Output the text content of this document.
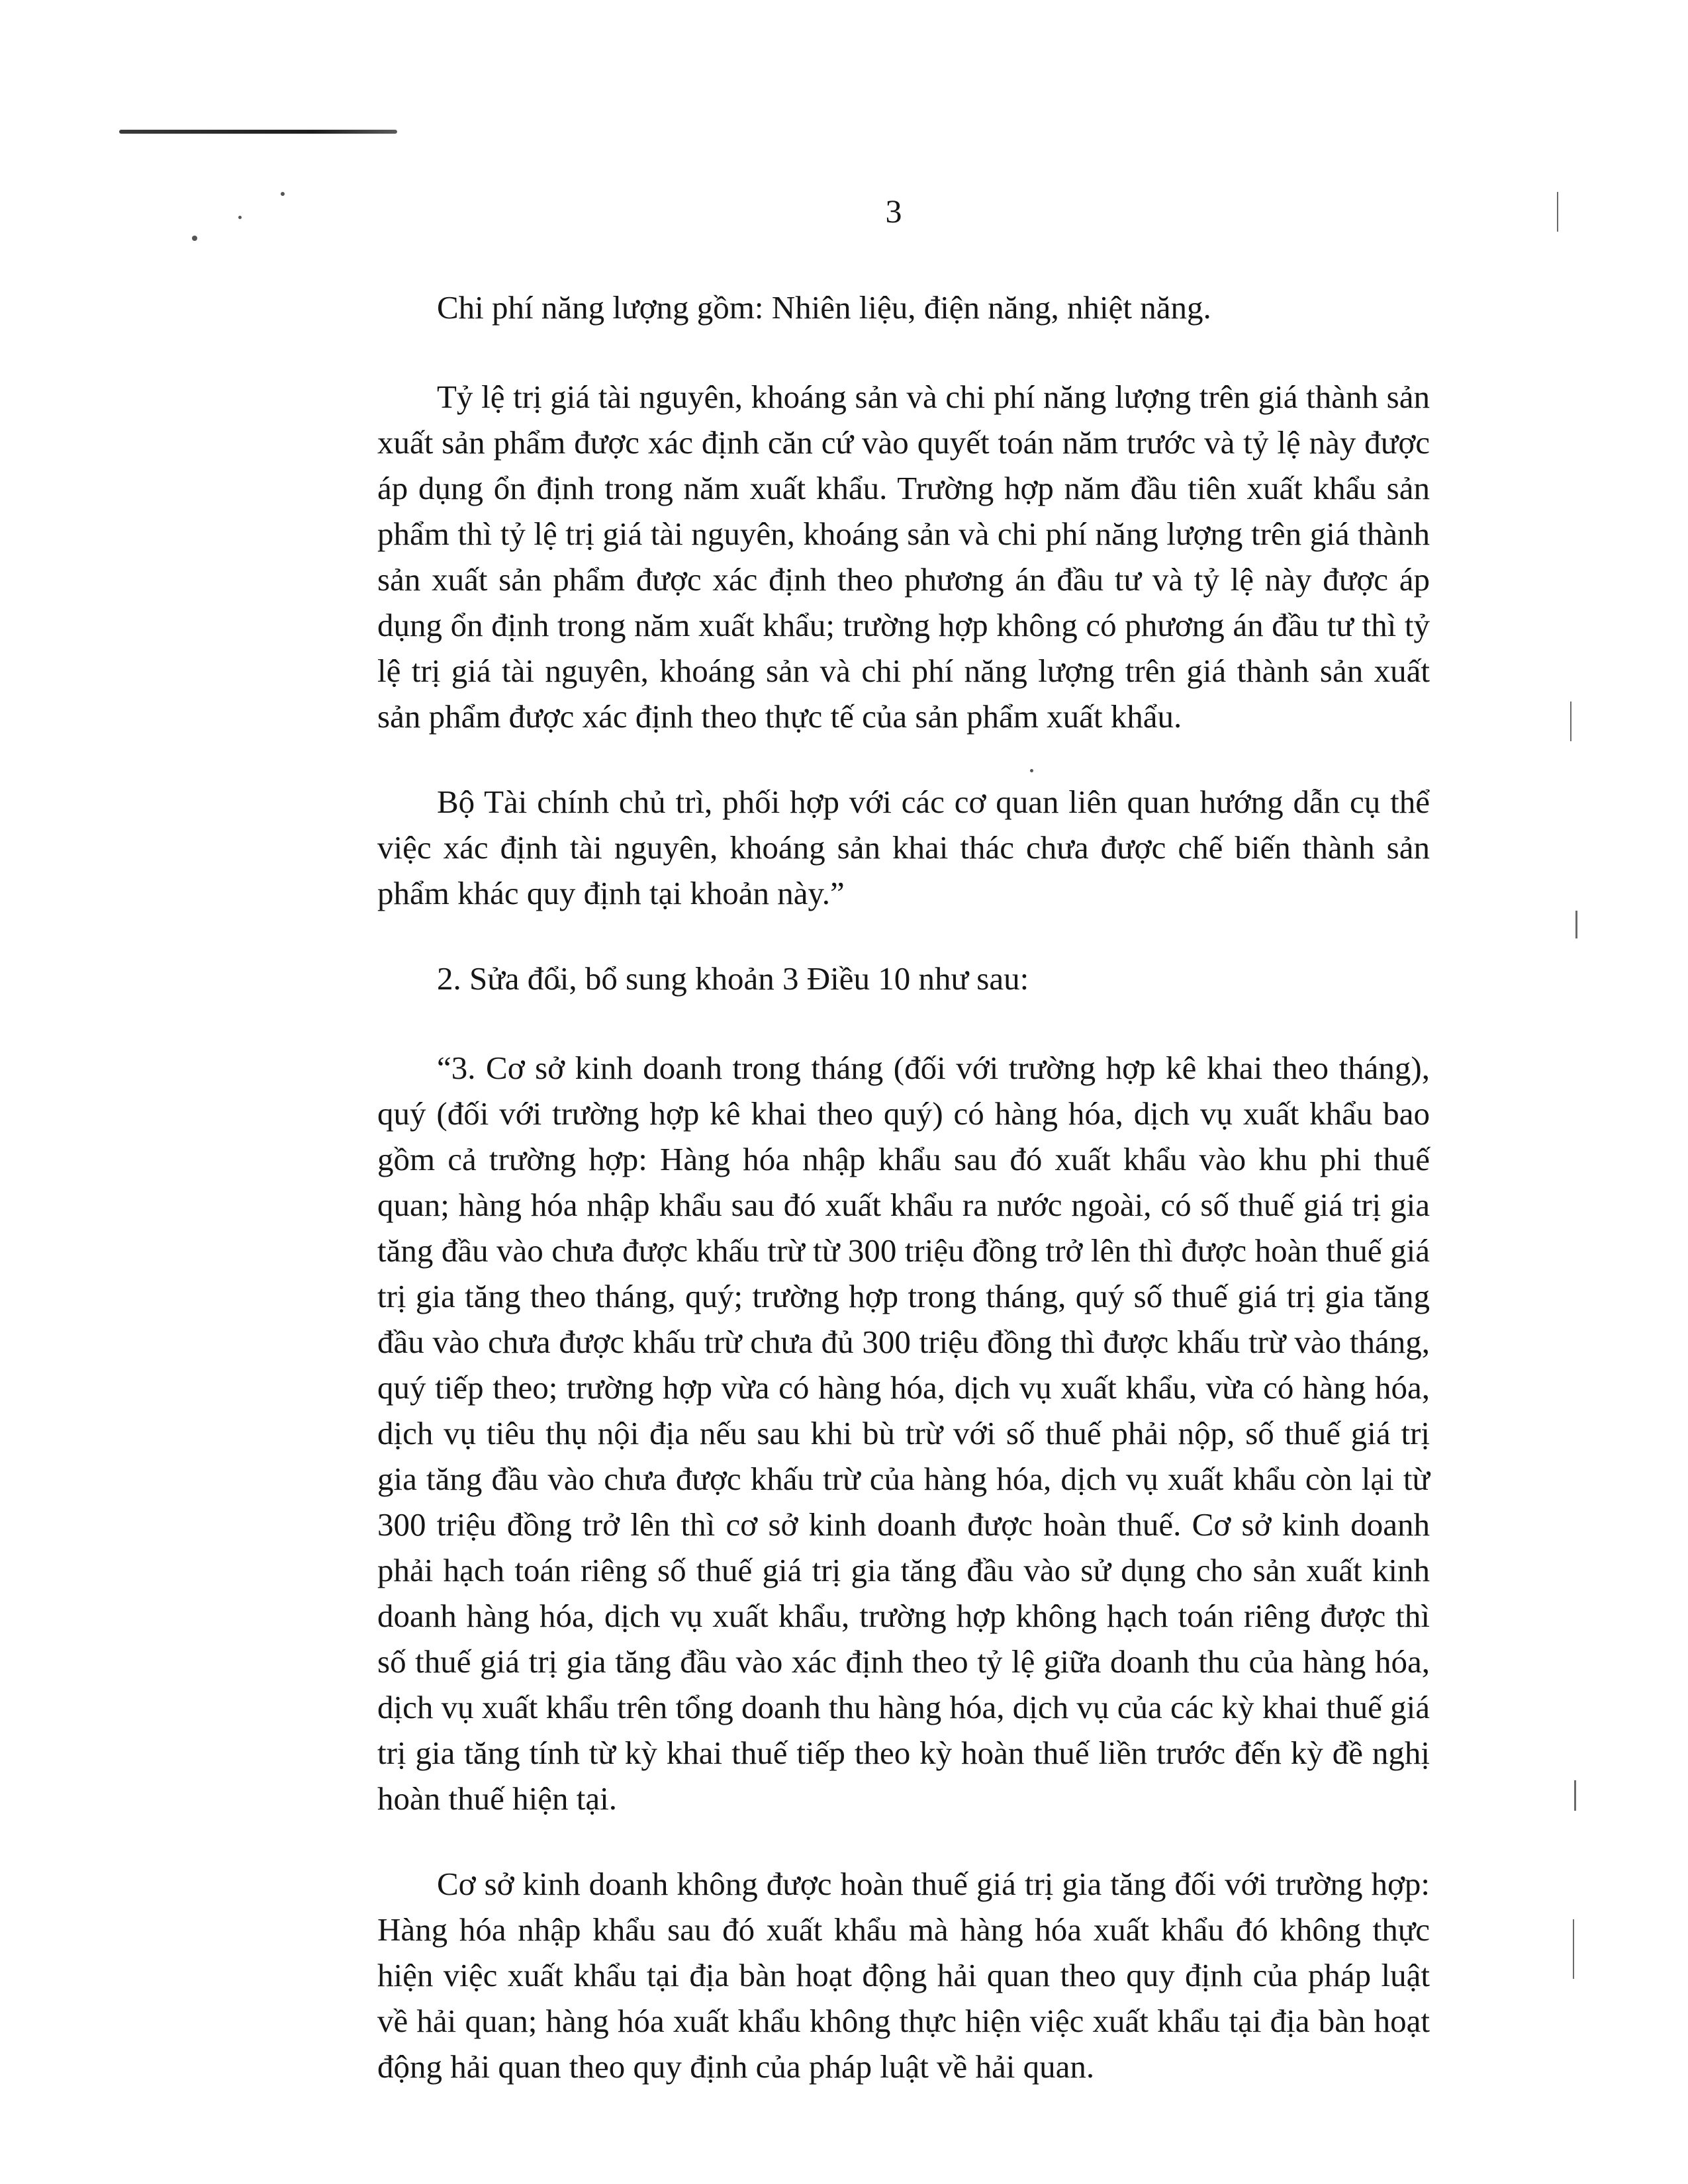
3

Chi phí năng lượng gồm: Nhiên liệu, điện năng, nhiệt năng.

Tỷ lệ trị giá tài nguyên, khoáng sản và chi phí năng lượng trên giá thành sản xuất sản phẩm được xác định căn cứ vào quyết toán năm trước và tỷ lệ này được áp dụng ổn định trong năm xuất khẩu. Trường hợp năm đầu tiên xuất khẩu sản phẩm thì tỷ lệ trị giá tài nguyên, khoáng sản và chi phí năng lượng trên giá thành sản xuất sản phẩm được xác định theo phương án đầu tư và tỷ lệ này được áp dụng ổn định trong năm xuất khẩu; trường hợp không có phương án đầu tư thì tỷ lệ trị giá tài nguyên, khoáng sản và chi phí năng lượng trên giá thành sản xuất sản phẩm được xác định theo thực tế của sản phẩm xuất khẩu.

Bộ Tài chính chủ trì, phối hợp với các cơ quan liên quan hướng dẫn cụ thể việc xác định tài nguyên, khoáng sản khai thác chưa được chế biến thành sản phẩm khác quy định tại khoản này.”

2. Sửa đổi, bổ sung khoản 3 Điều 10 như sau:

“3. Cơ sở kinh doanh trong tháng (đối với trường hợp kê khai theo tháng), quý (đối với trường hợp kê khai theo quý) có hàng hóa, dịch vụ xuất khẩu bao gồm cả trường hợp: Hàng hóa nhập khẩu sau đó xuất khẩu vào khu phi thuế quan; hàng hóa nhập khẩu sau đó xuất khẩu ra nước ngoài, có số thuế giá trị gia tăng đầu vào chưa được khấu trừ từ 300 triệu đồng trở lên thì được hoàn thuế giá trị gia tăng theo tháng, quý; trường hợp trong tháng, quý số thuế giá trị gia tăng đầu vào chưa được khấu trừ chưa đủ 300 triệu đồng thì được khấu trừ vào tháng, quý tiếp theo; trường hợp vừa có hàng hóa, dịch vụ xuất khẩu, vừa có hàng hóa, dịch vụ tiêu thụ nội địa nếu sau khi bù trừ với số thuế phải nộp, số thuế giá trị gia tăng đầu vào chưa được khấu trừ của hàng hóa, dịch vụ xuất khẩu còn lại từ 300 triệu đồng trở lên thì cơ sở kinh doanh được hoàn thuế. Cơ sở kinh doanh phải hạch toán riêng số thuế giá trị gia tăng đầu vào sử dụng cho sản xuất kinh doanh hàng hóa, dịch vụ xuất khẩu, trường hợp không hạch toán riêng được thì số thuế giá trị gia tăng đầu vào xác định theo tỷ lệ giữa doanh thu của hàng hóa, dịch vụ xuất khẩu trên tổng doanh thu hàng hóa, dịch vụ của các kỳ khai thuế giá trị gia tăng tính từ kỳ khai thuế tiếp theo kỳ hoàn thuế liền trước đến kỳ đề nghị hoàn thuế hiện tại.

Cơ sở kinh doanh không được hoàn thuế giá trị gia tăng đối với trường hợp: Hàng hóa nhập khẩu sau đó xuất khẩu mà hàng hóa xuất khẩu đó không thực hiện việc xuất khẩu tại địa bàn hoạt động hải quan theo quy định của pháp luật về hải quan; hàng hóa xuất khẩu không thực hiện việc xuất khẩu tại địa bàn hoạt động hải quan theo quy định của pháp luật về hải quan.
